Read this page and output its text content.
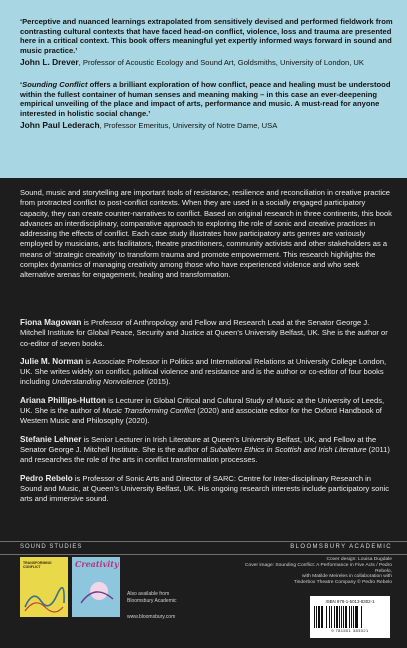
‘Perceptive and nuanced learnings extrapolated from sensitively devised and performed fieldwork from contrasting cultural contexts that have faced head-on conflict, violence, loss and trauma are presented here in a critical context. This book offers meaningful yet expertly informed ways forward in sound and music practice.’

John L. Drever, Professor of Acoustic Ecology and Sound Art, Goldsmiths, University of London, UK

‘Sounding Conflict offers a brilliant exploration of how conflict, peace and healing must be understood within the fullest container of human senses and meaning making – in this case an ever-deepening empirical unveiling of the place and impact of arts, performance and music. A must-read for anyone interested in holistic social change.’

John Paul Lederach, Professor Emeritus, University of Notre Dame, USA

Sound, music and storytelling are important tools of resistance, resilience and reconciliation in creative practice from protracted conflict to post-conflict contexts. When they are used in a socially engaged participatory capacity, they can create counter-narratives to conflict. Based on original research in three continents, this book advances an interdisciplinary, comparative approach to exploring the role of sonic and creative practices in addressing the effects of conflict. Each case study illustrates how participatory arts genres are variously employed by musicians, arts facilitators, theatre practitioners, community activists and other stakeholders as a means of ‘strategic creativity’ to transform trauma and promote empowerment. This research highlights the complex dynamics of managing creativity among those who have experienced violence and who seek alternative arenas for engagement, healing and transformation.

Fiona Magowan is Professor of Anthropology and Fellow and Research Lead at the Senator George J. Mitchell Institute for Global Peace, Security and Justice at Queen’s University Belfast, UK. She is the author or co-editor of seven books.

Julie M. Norman is Associate Professor in Politics and International Relations at University College London, UK. She writes widely on conflict, political violence and resistance and is the author or co-editor of four books including Understanding Nonviolence (2015).

Ariana Phillips-Hutton is Lecturer in Global Critical and Cultural Study of Music at the University of Leeds, UK. She is the author of Music Transforming Conflict (2020) and associate editor for the Oxford Handbook of Western Music and Philosophy (2020).

Stefanie Lehner is Senior Lecturer in Irish Literature at Queen’s University Belfast, UK, and Fellow at the Senator George J. Mitchell Institute. She is the author of Subaltern Ethics in Scottish and Irish Literature (2011) and researches the role of the arts in conflict transformation processes.

Pedro Rebelo is Professor of Sonic Arts and Director of SARC: Centre for Inter-disciplinary Research in Sound and Music, at Queen’s University Belfast, UK. His ongoing research interests include participatory sonic arts and immersive sound.

SOUND STUDIES	BLOOMSBURY ACADEMIC
TRANSFORMING
CONFLICT	Creativity
Also available from
Bloomsbury Academic
www.bloomsbury.com
Cover design: Louisa Dugdale
Cover image: Sounding Conflict: A Performance in Five Acts / Pedro Rebelo,
with Matilde Meireles in collaboration with
Tinderbox Theatre Company © Pedro Rebelo
ISBN 978-1-5013-8302-1
9 781501 383021
